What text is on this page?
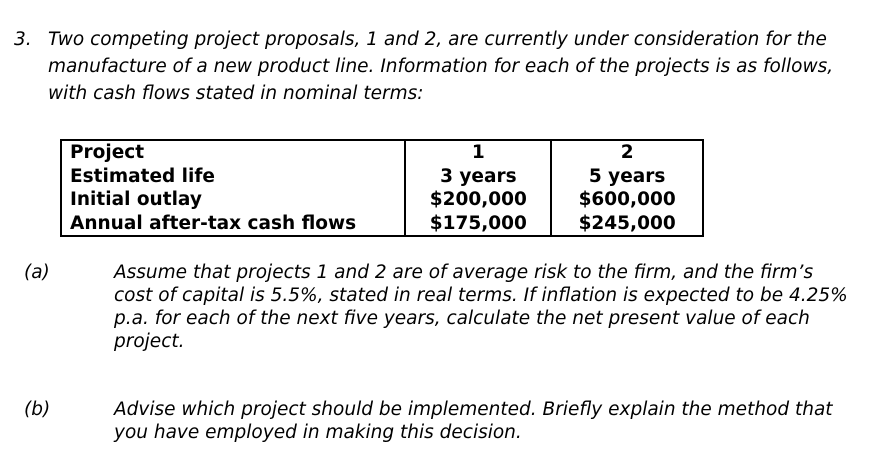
3. Two competing project proposals, 1 and 2, are currently under consideration for the manufacture of a new product line. Information for each of the projects is as follows, with cash flows stated in nominal terms:
Project	1	2
Estimated life	3 years	5 years
Initial outlay	$200,000	$600,000
Annual after-tax cash flows	$175,000	$245,000
(a)	Assume that projects 1 and 2 are of average risk to the firm, and the firm’s cost of capital is 5.5%, stated in real terms. If inflation is expected to be 4.25% p.a. for each of the next five years, calculate the net present value of each project.
(b)	Advise which project should be implemented. Briefly explain the method that you have employed in making this decision.
